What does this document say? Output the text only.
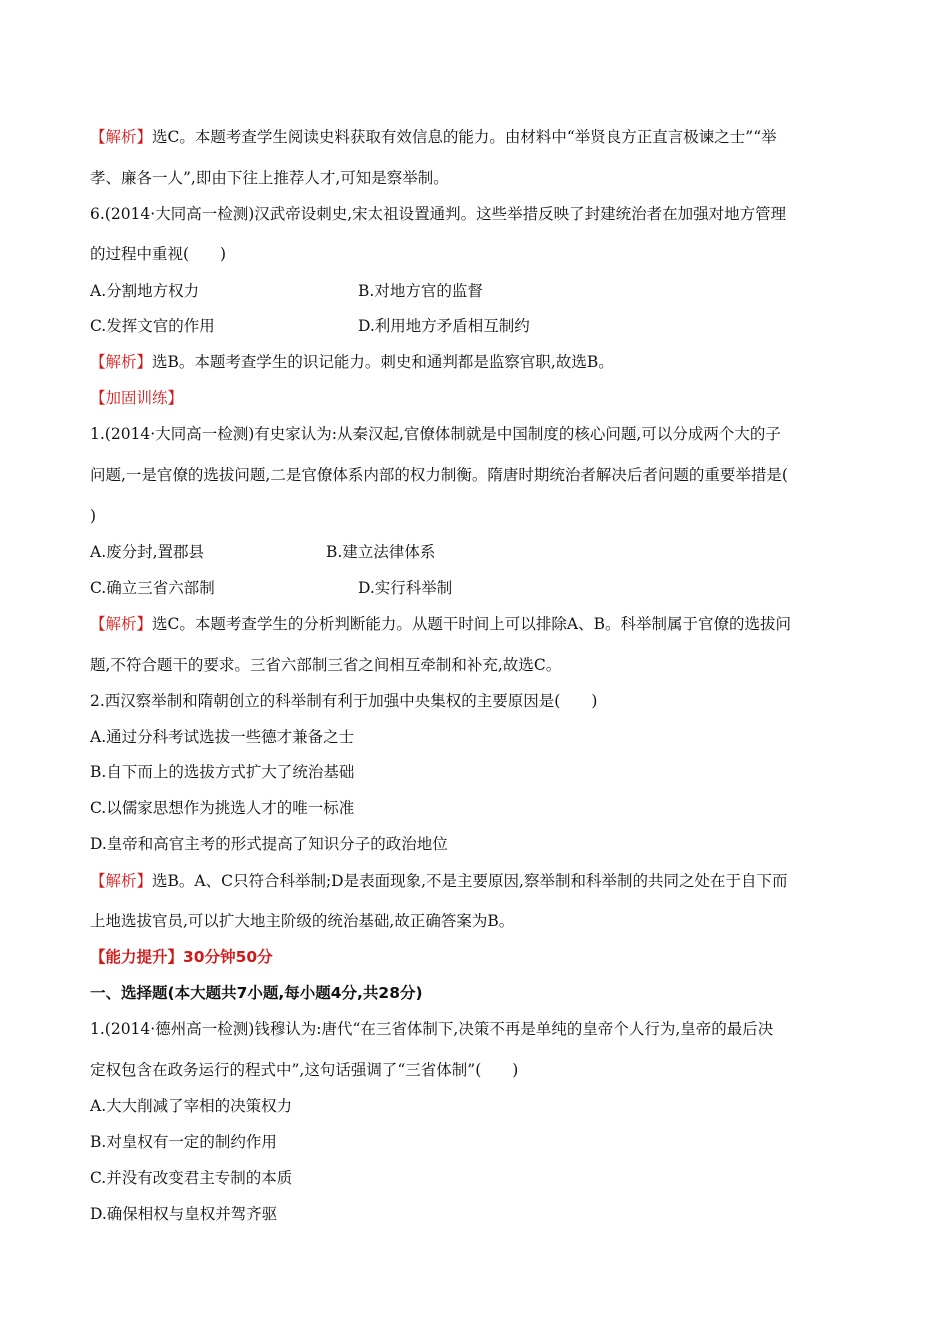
【解析】选C。本题考查学生阅读史料获取有效信息的能力。由材料中“举贤良方正直言极谏之士”“举
孝、廉各一人”,即由下往上推荐人才,可知是察举制。
6.(2014·大同高一检测)汉武帝设刺史,宋太祖设置通判。这些举措反映了封建统治者在加强对地方管理
的过程中重视(　　)
A.分割地方权力	B.对地方官的监督
C.发挥文官的作用	D.利用地方矛盾相互制约
【解析】选B。本题考查学生的识记能力。刺史和通判都是监察官职,故选B。
【加固训练】
1.(2014·大同高一检测)有史家认为:从秦汉起,官僚体制就是中国制度的核心问题,可以分成两个大的子
问题,一是官僚的选拔问题,二是官僚体系内部的权力制衡。隋唐时期统治者解决后者问题的重要举措是(
)
A.废分封,置郡县	B.建立法律体系
C.确立三省六部制	D.实行科举制
【解析】选C。本题考查学生的分析判断能力。从题干时间上可以排除A、B。科举制属于官僚的选拔问
题,不符合题干的要求。三省六部制三省之间相互牵制和补充,故选C。
2.西汉察举制和隋朝创立的科举制有利于加强中央集权的主要原因是(　　)
A.通过分科考试选拔一些德才兼备之士
B.自下而上的选拔方式扩大了统治基础
C.以儒家思想作为挑选人才的唯一标准
D.皇帝和高官主考的形式提高了知识分子的政治地位
【解析】选B。A、C只符合科举制;D是表面现象,不是主要原因,察举制和科举制的共同之处在于自下而
上地选拔官员,可以扩大地主阶级的统治基础,故正确答案为B。
【能力提升】30分钟50分
一、选择题(本大题共7小题,每小题4分,共28分)
1.(2014·德州高一检测)钱穆认为:唐代“在三省体制下,决策不再是单纯的皇帝个人行为,皇帝的最后决
定权包含在政务运行的程式中”,这句话强调了“三省体制”(　　)
A.大大削减了宰相的决策权力
B.对皇权有一定的制约作用
C.并没有改变君主专制的本质
D.确保相权与皇权并驾齐驱
